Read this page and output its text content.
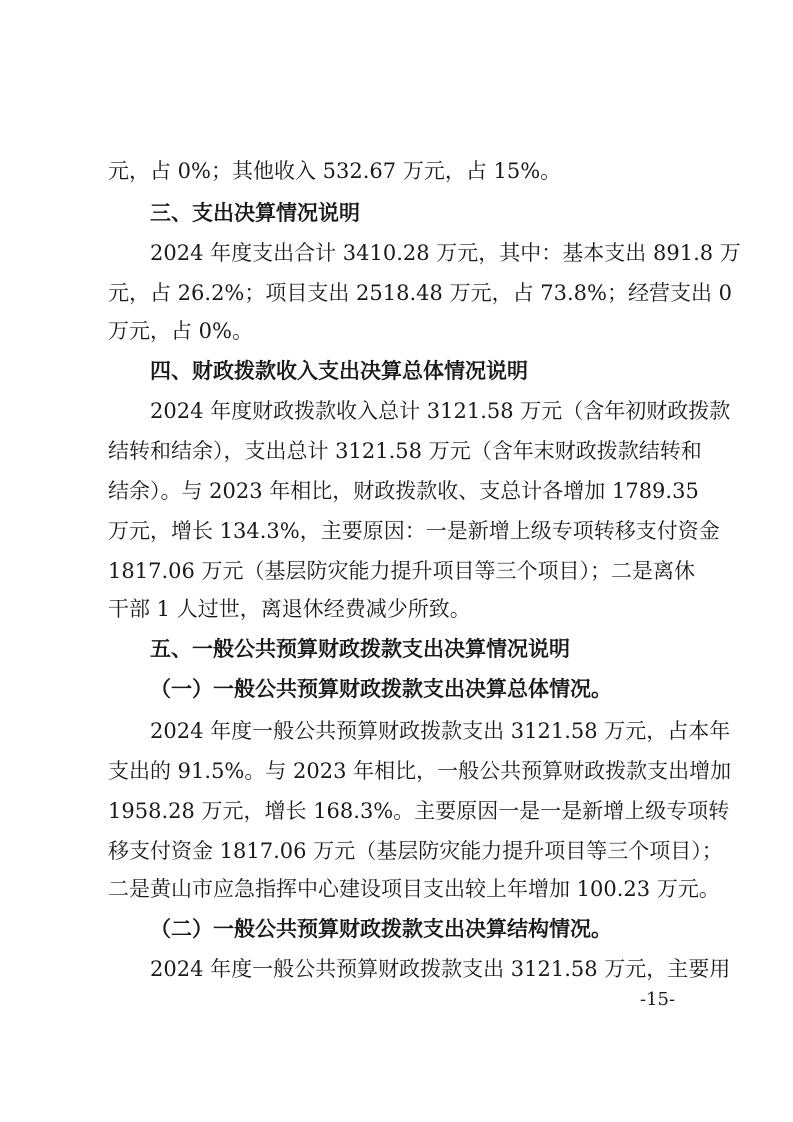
元，占 0%；其他收入 532.67 万元，占 15%。

三、支出决算情况说明

2024 年度支出合计 3410.28 万元，其中：基本支出 891.8 万

元，占 26.2%；项目支出 2518.48 万元，占 73.8%；经营支出 0

万元，占 0%。

四、财政拨款收入支出决算总体情况说明

2024 年度财政拨款收入总计 3121.58 万元（含年初财政拨款

结转和结余），支出总计 3121.58 万元（含年末财政拨款结转和

结余）。与 2023 年相比，财政拨款收、支总计各增加 1789.35

万元，增长 134.3%，主要原因：一是新增上级专项转移支付资金

1817.06 万元（基层防灾能力提升项目等三个项目）；二是离休

干部 1 人过世，离退休经费减少所致。

五、一般公共预算财政拨款支出决算情况说明

（一）一般公共预算财政拨款支出决算总体情况。

2024 年度一般公共预算财政拨款支出 3121.58 万元，占本年

支出的 91.5%。与 2023 年相比，一般公共预算财政拨款支出增加

1958.28 万元，增长 168.3%。主要原因一是一是新增上级专项转

移支付资金 1817.06 万元（基层防灾能力提升项目等三个项目）；

二是黄山市应急指挥中心建设项目支出较上年增加 100.23 万元。

（二）一般公共预算财政拨款支出决算结构情况。

2024 年度一般公共预算财政拨款支出 3121.58 万元，主要用

-15-
